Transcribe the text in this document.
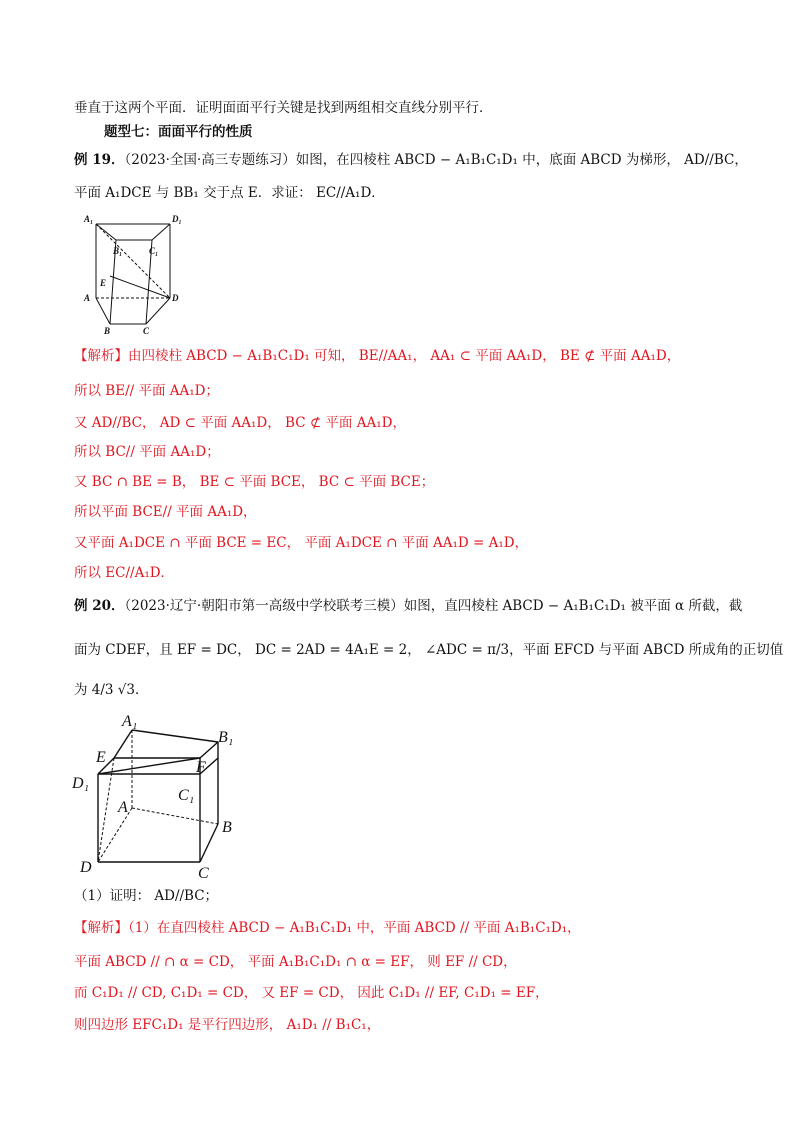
垂直于这两个平面．证明面面平行关键是找到两组相交直线分别平行．
题型七：面面平行的性质
例 19．（2023·全国·高三专题练习）如图，在四棱柱 ABCD − A₁B₁C₁D₁ 中，底面 ABCD 为梯形， AD//BC，
平面 A₁DCE 与 BB₁ 交于点 E．求证： EC//A₁D．
A₁	D₁
B₁	C₁
E
A	D
B	C
【解析】由四棱柱 ABCD − A₁B₁C₁D₁ 可知， BE//AA₁， AA₁ ⊂ 平面 AA₁D， BE ⊄ 平面 AA₁D，
所以 BE// 平面 AA₁D；
又 AD//BC， AD ⊂ 平面 AA₁D， BC ⊄ 平面 AA₁D，
所以 BC// 平面 AA₁D；
又 BC ∩ BE = B， BE ⊂ 平面 BCE， BC ⊂ 平面 BCE；
所以平面 BCE// 平面 AA₁D，
又平面 A₁DCE ∩ 平面 BCE = EC， 平面 A₁DCE ∩ 平面 AA₁D = A₁D，
所以 EC//A₁D．
例 20．（2023·辽宁·朝阳市第一高级中学校联考三模）如图，直四棱柱 ABCD − A₁B₁C₁D₁ 被平面 α 所截，截
面为 CDEF，且 EF = DC， DC = 2AD = 4A₁E = 2， ∠ADC = π/3，平面 EFCD 与平面 ABCD 所成角的正切值
为 4/3 √3．
A₁
B₁
E
F
D₁
C₁
A
B
D	C
（1）证明： AD//BC；
【解析】（1）在直四棱柱 ABCD − A₁B₁C₁D₁ 中，平面 ABCD // 平面 A₁B₁C₁D₁，
平面 ABCD // ∩ α = CD， 平面 A₁B₁C₁D₁ ∩ α = EF， 则 EF // CD，
而 C₁D₁ // CD, C₁D₁ = CD， 又 EF = CD， 因此 C₁D₁ // EF, C₁D₁ = EF，
则四边形 EFC₁D₁ 是平行四边形， A₁D₁ // B₁C₁，
